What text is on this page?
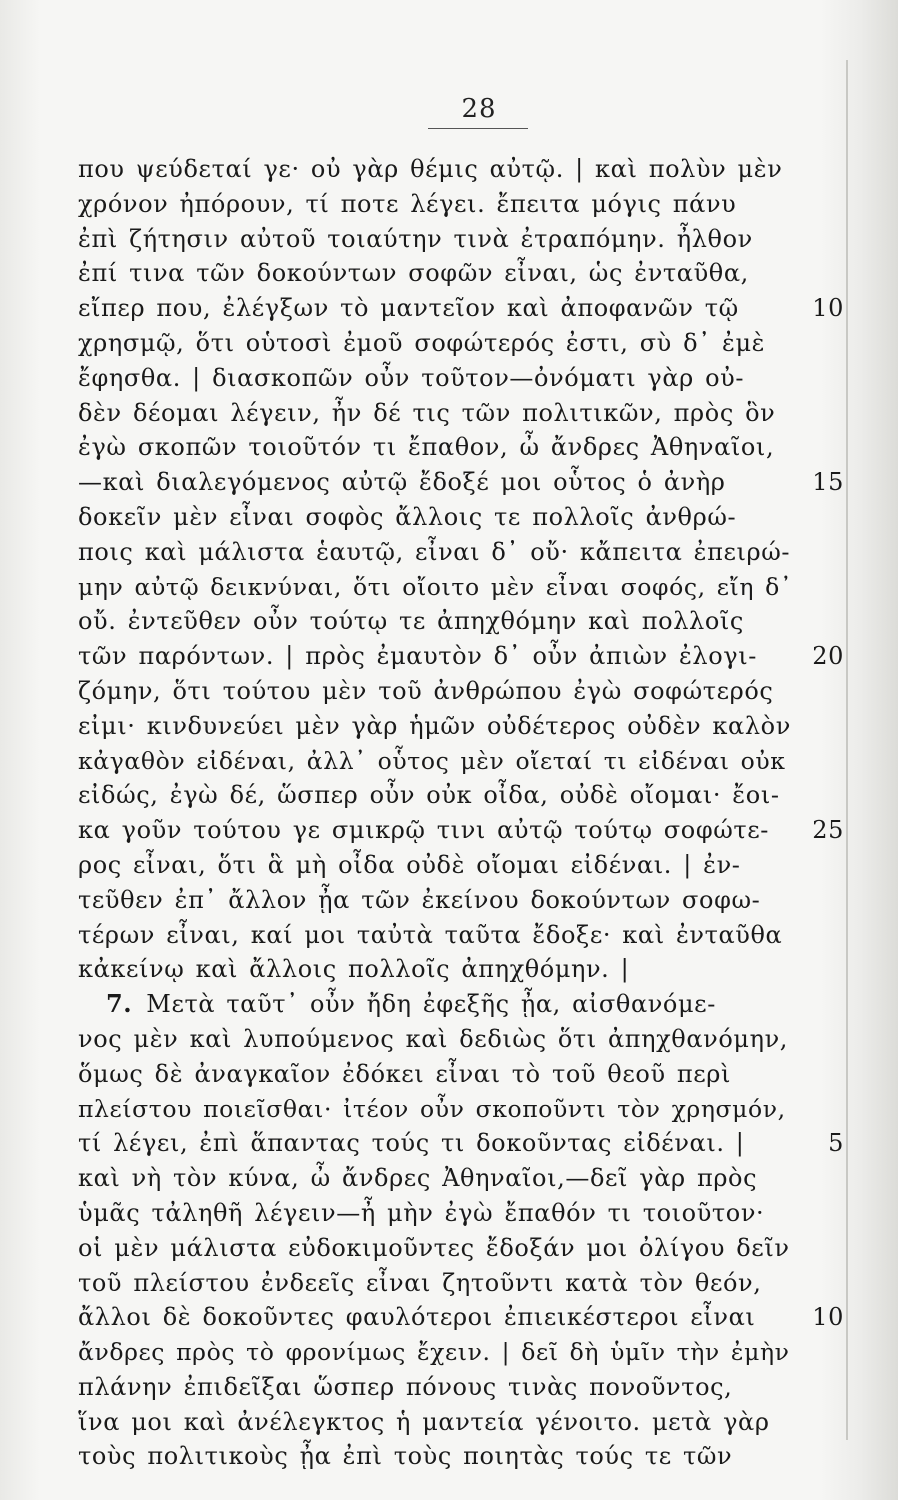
28
που ψεύδεταί γε· οὐ γὰρ θέμις αὐτῷ. | καὶ πολὺν μὲν
χρόνον ἠπόρουν, τί ποτε λέγει. ἔπειτα μόγις πάνυ
ἐπὶ ζήτησιν αὐτοῦ τοιαύτην τινὰ ἐτραπόμην. ἦλθον
ἐπί τινα τῶν δοκούντων σοφῶν εἶναι, ὡς ἐνταῦθα,
εἴπερ που, ἐλέγξων τὸ μαντεῖον καὶ ἀποφανῶν τῷ	10
χρησμῷ, ὅτι οὑτοσὶ ἐμοῦ σοφώτερός ἐστι, σὺ δ᾽ ἐμὲ
ἔφησθα. | διασκοπῶν οὖν τοῦτον—ὀνόματι γὰρ οὐ-
δὲν δέομαι λέγειν, ἦν δέ τις τῶν πολιτικῶν, πρὸς ὃν
ἐγὼ σκοπῶν τοιοῦτόν τι ἔπαθον, ὦ ἄνδρες Ἀθηναῖοι,
—καὶ διαλεγόμενος αὐτῷ ἔδοξέ μοι οὗτος ὁ ἀνὴρ	15
δοκεῖν μὲν εἶναι σοφὸς ἄλλοις τε πολλοῖς ἀνθρώ-
ποις καὶ μάλιστα ἑαυτῷ, εἶναι δ᾽ οὔ· κἄπειτα ἐπειρώ-
μην αὐτῷ δεικνύναι, ὅτι οἴοιτο μὲν εἶναι σοφός, εἴη δ᾽
οὔ. ἐντεῦθεν οὖν τούτῳ τε ἀπηχθόμην καὶ πολλοῖς
τῶν παρόντων. | πρὸς ἐμαυτὸν δ᾽ οὖν ἀπιὼν ἐλογι- 20
ζόμην, ὅτι τούτου μὲν τοῦ ἀνθρώπου ἐγὼ σοφώτερός
εἰμι· κινδυνεύει μὲν γὰρ ἡμῶν οὐδέτερος οὐδὲν καλὸν
κἀγαθὸν εἰδέναι, ἀλλ᾽ οὗτος μὲν οἴεταί τι εἰδέναι οὐκ
εἰδώς, ἐγὼ δέ, ὥσπερ οὖν οὐκ οἶδα, οὐδὲ οἴομαι· ἔοι-
κα γοῦν τούτου γε σμικρῷ τινι αὐτῷ τούτῳ σοφώτε- 25
ρος εἶναι, ὅτι ἃ μὴ οἶδα οὐδὲ οἴομαι εἰδέναι. | ἐν-
τεῦθεν ἐπ᾽ ἄλλον ᾖα τῶν ἐκείνου δοκούντων σοφω-
τέρων εἶναι, καί μοι ταὐτὰ ταῦτα ἔδοξε· καὶ ἐνταῦθα
κἀκείνῳ καὶ ἄλλοις πολλοῖς ἀπηχθόμην. |
7. Μετὰ ταῦτ᾽ οὖν ἤδη ἐφεξῆς ᾖα, αἰσθανόμε-
νος μὲν καὶ λυπούμενος καὶ δεδιὼς ὅτι ἀπηχθανόμην,
ὅμως δὲ ἀναγκαῖον ἐδόκει εἶναι τὸ τοῦ θεοῦ περὶ
πλείστου ποιεῖσθαι· ἰτέον οὖν σκοποῦντι τὸν χρησμόν,
τί λέγει, ἐπὶ ἅπαντας τούς τι δοκοῦντας εἰδέναι. |	5
καὶ νὴ τὸν κύνα, ὦ ἄνδρες Ἀθηναῖοι,—δεῖ γὰρ πρὸς
ὑμᾶς τἀληθῆ λέγειν—ἦ μὴν ἐγὼ ἔπαθόν τι τοιοῦτον·
οἱ μὲν μάλιστα εὐδοκιμοῦντες ἔδοξάν μοι ὀλίγου δεῖν
τοῦ πλείστου ἐνδεεῖς εἶναι ζητοῦντι κατὰ τὸν θεόν,
ἄλλοι δὲ δοκοῦντες φαυλότεροι ἐπιεικέστεροι εἶναι 10
ἄνδρες πρὸς τὸ φρονίμως ἔχειν. | δεῖ δὴ ὑμῖν τὴν ἐμὴν
πλάνην ἐπιδεῖξαι ὥσπερ πόνους τινὰς πονοῦντος,
ἵνα μοι καὶ ἀνέλεγκτος ἡ μαντεία γένοιτο. μετὰ γὰρ
τοὺς πολιτικοὺς ᾖα ἐπὶ τοὺς ποιητὰς τούς τε τῶν
